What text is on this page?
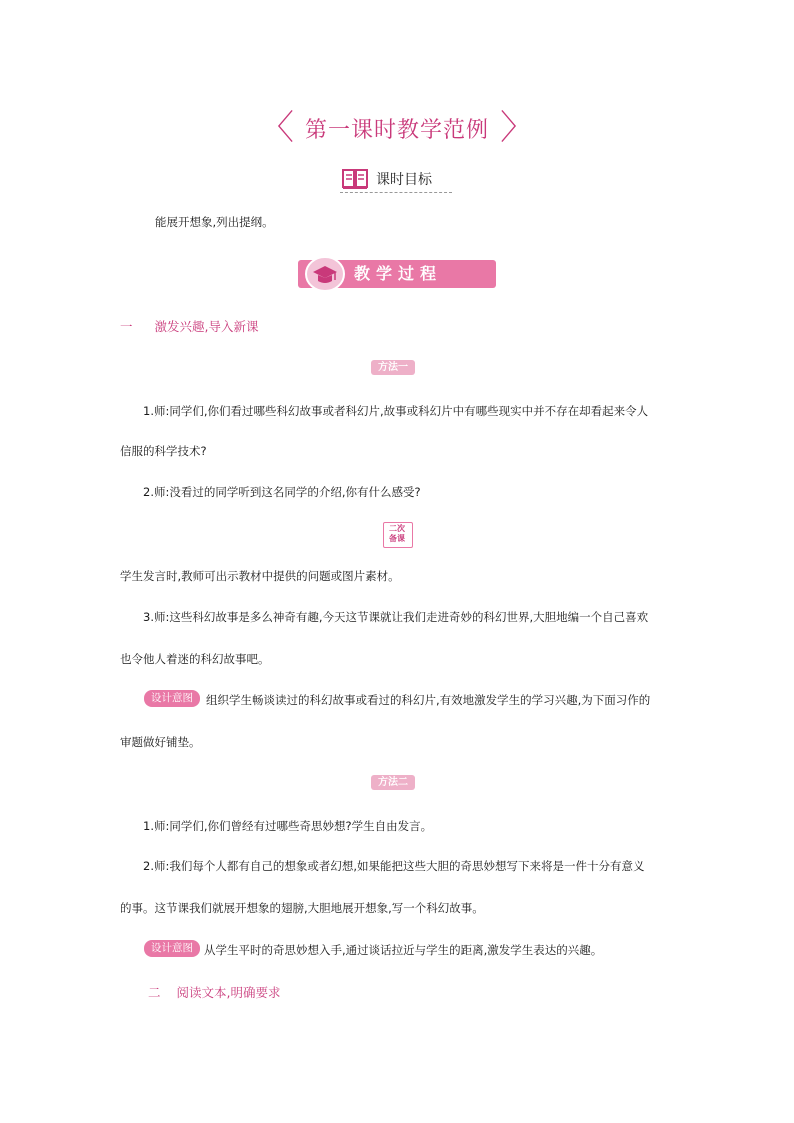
〈 第一课时教学范例 〉
课时目标
能展开想象,列出提纲。
教学过程
一 激发兴趣,导入新课
方法一
1.师:同学们,你们看过哪些科幻故事或者科幻片,故事或科幻片中有哪些现实中并不存在却看起来令人
信服的科学技术?
2.师:没看过的同学听到这名同学的介绍,你有什么感受?
二次
备课
学生发言时,教师可出示教材中提供的问题或图片素材。
3.师:这些科幻故事是多么神奇有趣,今天这节课就让我们走进奇妙的科幻世界,大胆地编一个自己喜欢
也令他人着迷的科幻故事吧。
设计意图	组织学生畅谈读过的科幻故事或看过的科幻片,有效地激发学生的学习兴趣,为下面习作的
审题做好铺垫。
方法二
1.师:同学们,你们曾经有过哪些奇思妙想?学生自由发言。
2.师:我们每个人都有自己的想象或者幻想,如果能把这些大胆的奇思妙想写下来将是一件十分有意义
的事。这节课我们就展开想象的翅膀,大胆地展开想象,写一个科幻故事。
设计意图 从学生平时的奇思妙想入手,通过谈话拉近与学生的距离,激发学生表达的兴趣。
二 阅读文本,明确要求
